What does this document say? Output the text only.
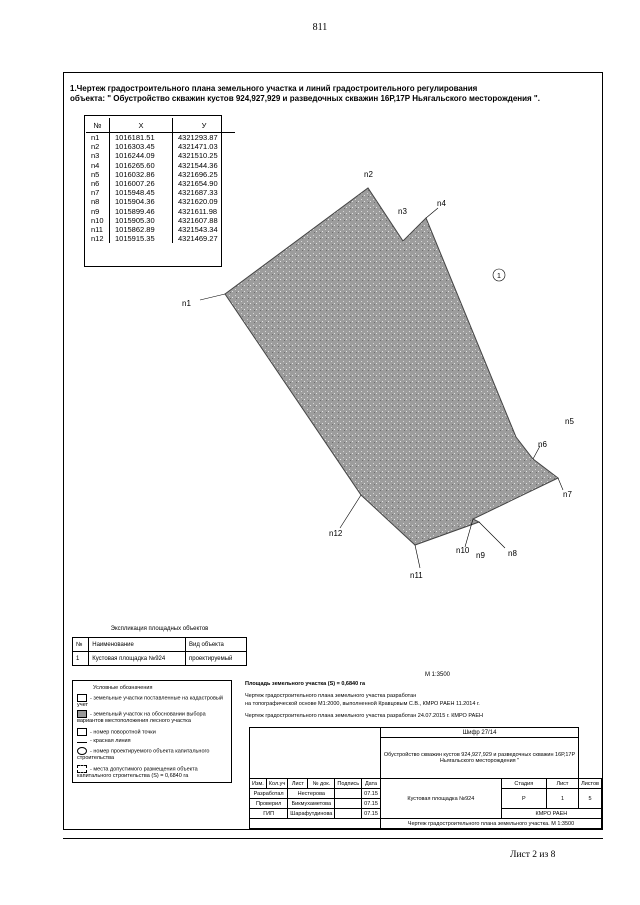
811
1.Чертеж градостроительного плана земельного участка и линий градостроительного регулирования
объекта: " Обустройство скважин кустов 924,927,929 и разведочных скважин 16Р,17Р Ньягальского месторождения ".
№	X	У
n1	1016181.51	4321293.87
n2	1016303.45	4321471.03
n3	1016244.09	4321510.25
n4	1016265.60	4321544.36
n5	1016032.86	4321696.25
n6	1016007.26	4321654.90
n7	1015948.45	4321687.33
n8	1015904.36	4321620.09
n9	1015899.46	4321611.98
n10	1015905.30	4321607.88
n11	1015862.89	4321543.34
n12	1015915.35	4321469.27
1
n1
n2
n3
n4
n5
n6
n7
n8
n9
n10
n11
n12
Экспликация площадных объектов
№	Наименование	Вид объекта
1	Кустовая площадка №924	проектируемый
М 1:3500
Условные обозначения
- земельные участки поставленные на кадастровый учет
- земельный участок на обосновании выбора вариантов местоположения лесного участка
- номер поворотной точки
- красная линия
- номер проектируемого объекта капитального строительства
- места допустимого размещения объекта капитального строительства (S) = 0,6840 га
Площадь земельного участка (S) = 0,6840 га
Чертеж градостроительного плана земельного участка разработан
на топографической основе М1:2000, выполненной Кравцовым С.В., КМРО РАЕН 11.2014 г.
Чертеж градостроительного плана земельного участка разработан 24.07.2015 г. КМРО РАЕН
						Шифр 27/14			
						Обустройство скважин кустов 924,927,929 и разведочных скважин 16Р,17Р Ньягальского месторождения "			

Изм.	Кол.уч	Лист	№ док.	Подпись	Дата	Кустовая площадка №924	Стадия	Лист	Листов
Разработал		Нестерова			07.15		Р	1	5
Проверил		Бикмухаметова			07.15				
ГИП		Шарафутдинова			07.15		КМРО РАЕН		
						Чертеж градостроительного плана земельного участка. М 1:3500			
Лист 2 из 8
